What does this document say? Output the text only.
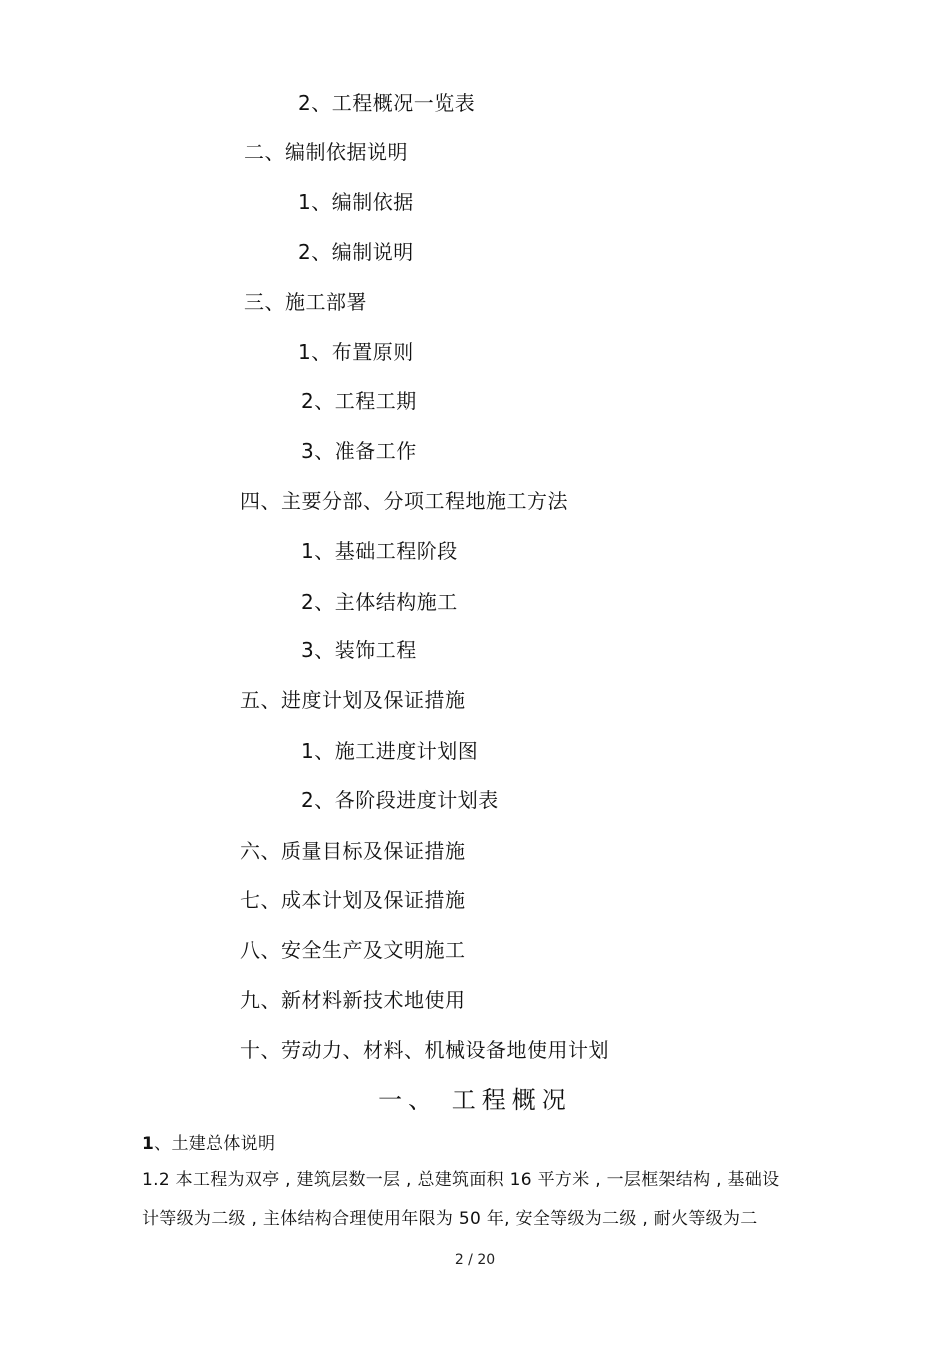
2、工程概况一览表
二、编制依据说明
1、编制依据
2、编制说明
三、施工部署
1、布置原则
2、工程工期
3、准备工作
四、主要分部、分项工程地施工方法
1、基础工程阶段
2、主体结构施工
3、装饰工程
五、进度计划及保证措施
1、施工进度计划图
2、各阶段进度计划表
六、质量目标及保证措施
七、成本计划及保证措施
八、安全生产及文明施工
九、新材料新技术地使用
十、劳动力、材料、机械设备地使用计划
一、 工程概况
1、土建总体说明
1.2 本工程为双亭 , 建筑层数一层 , 总建筑面积 16 平方米 , 一层框架结构 , 基础设
计等级为二级 , 主体结构合理使用年限为 50 年, 安全等级为二级 , 耐火等级为二
2 / 20
